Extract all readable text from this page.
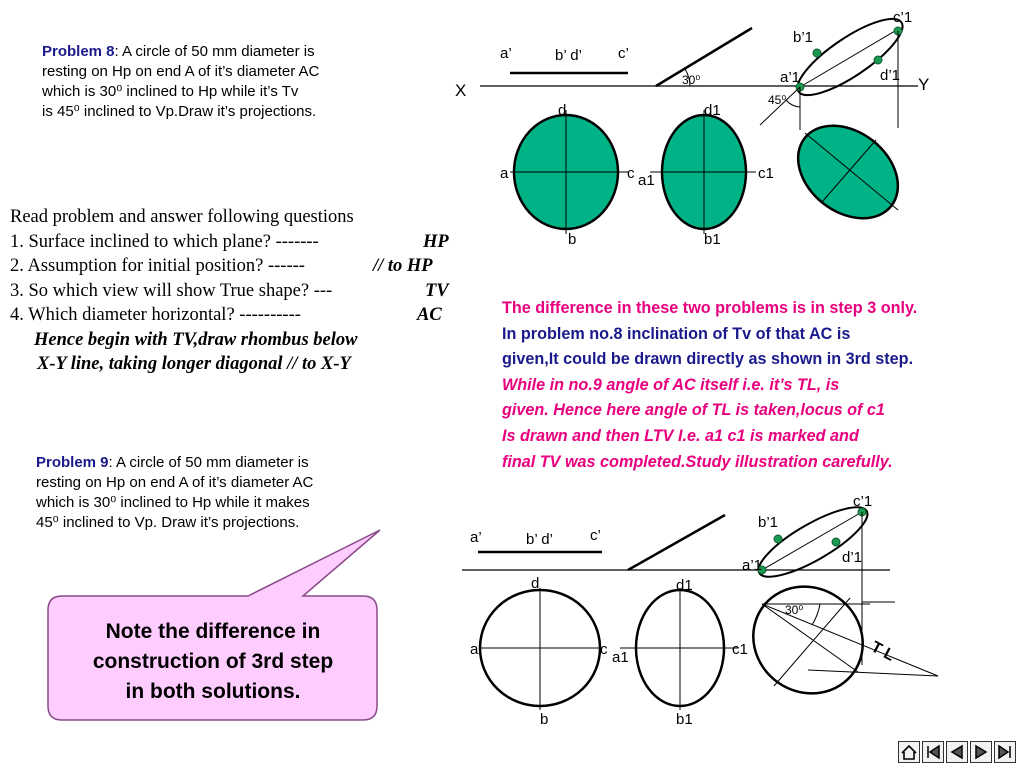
Problem 8: A circle of 50 mm diameter is
resting on Hp on end A of it’s diameter AC
which is 30⁰ inclined to Hp while it’s Tv
is 45⁰ inclined to Vp.Draw it’s projections.
Read problem and answer following questions
1. Surface inclined to which plane? -------	HP
2. Assumption for initial position? ------	// to HP
3. So which view will show True shape? ---	TV
4. Which diameter horizontal? ----------	AC
Hence begin with TV,draw rhombus below
X-Y line, taking longer diagonal // to X-Y
The difference in these two problems is in step 3 only.
In problem no.8 inclination of Tv of that AC is
given,It could be drawn directly as shown in 3rd step.
While in no.9 angle of AC itself i.e. it’s TL, is
given. Hence here angle of TL is taken,locus of c1
Is drawn and then LTV I.e. a1 c1 is marked and
final TV was completed.Study illustration carefully.
Problem 9: A circle of 50 mm diameter is
resting on Hp on end A of it’s diameter AC
which is 30⁰ inclined to Hp while it makes
45⁰ inclined to Vp. Draw it’s projections.
Note the difference in
construction of 3rd step
in both solutions.
a’	b’ d’ c’
X	Y
30⁰
45⁰
b’1
c’1
a’1	d’1
d
a	c
b
d1
a1	c1
b1
a’	b’ d’ c’
30⁰
b’1
c’1
a’1	d’1
d
a	c
b
d1
a1	c1
b1
T L
